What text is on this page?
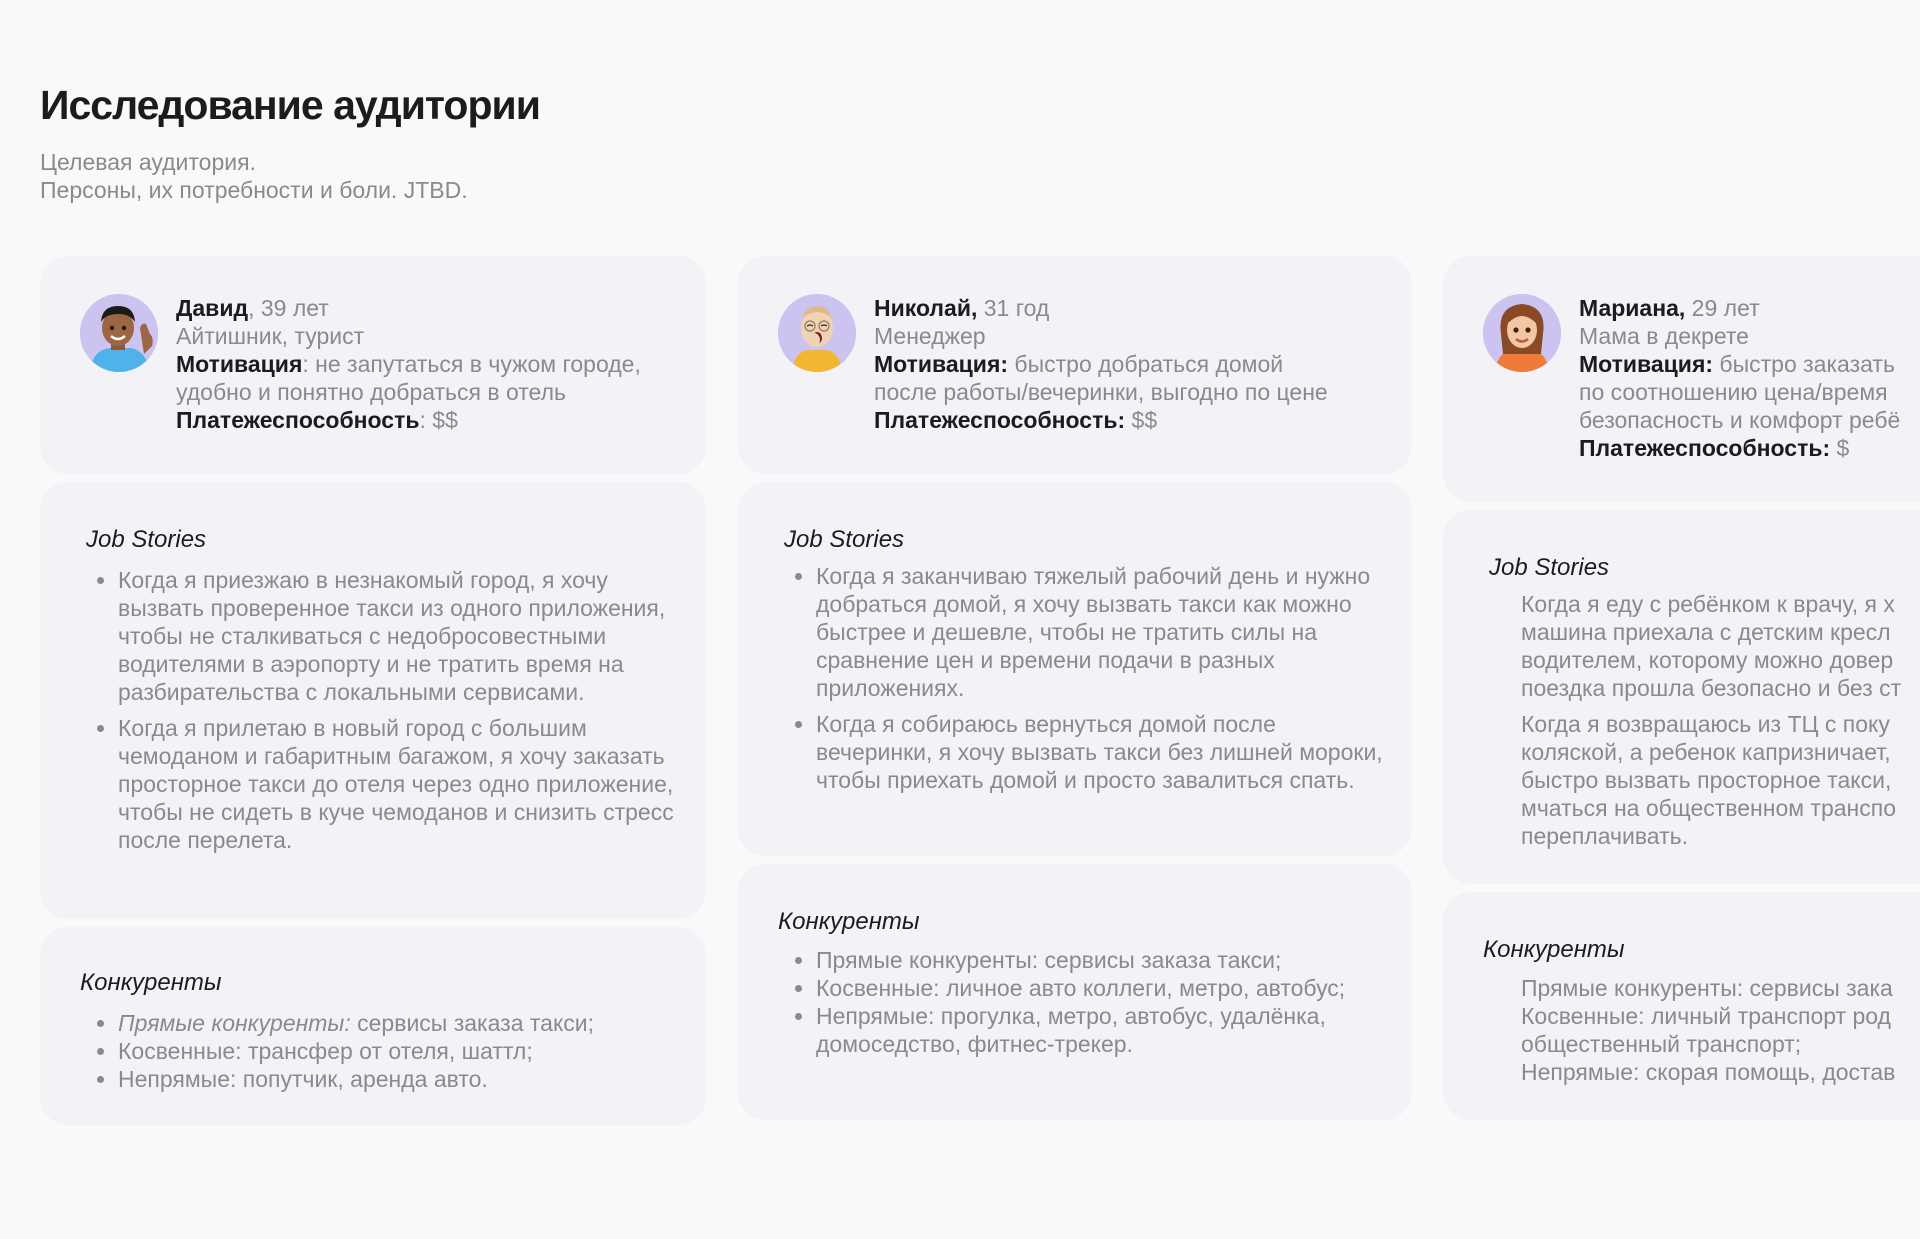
Исследование аудитории
Целевая аудитория.
Персоны, их потребности и боли. JTBD.
Давид, 39 лет
Айтишник, турист
Мотивация: не запутаться в чужом городе,
удобно и понятно добраться в отель
Платежеспособность: $$
Job Stories
• Когда я приезжаю в незнакомый город, я хочу вызвать проверенное такси из одного приложения, чтобы не сталкиваться с недобросовестными водителями в аэропорту и не тратить время на разбирательства с локальными сервисами.
• Когда я прилетаю в новый город с большим чемоданом и габаритным багажом, я хочу заказать просторное такси до отеля через одно приложение, чтобы не сидеть в куче чемоданов и снизить стресс после перелета.
Конкуренты
• Прямые конкуренты: сервисы заказа такси;
• Косвенные: трансфер от отеля, шаттл;
• Непрямые: попутчик, аренда авто.
Николай, 31 год
Менеджер
Мотивация: быстро добраться домой
после работы/вечеринки, выгодно по цене
Платежеспособность: $$
Job Stories
• Когда я заканчиваю тяжелый рабочий день и нужно добраться домой, я хочу вызвать такси как можно быстрее и дешевле, чтобы не тратить силы на сравнение цен и времени подачи в разных приложениях.
• Когда я собираюсь вернуться домой после вечеринки, я хочу вызвать такси без лишней мороки, чтобы приехать домой и просто завалиться спать.
Конкуренты
• Прямые конкуренты: сервисы заказа такси;
• Косвенные: личное авто коллеги, метро, автобус;
• Непрямые: прогулка, метро, автобус, удалёнка, домоседство, фитнес-трекер.
Мариана, 29 лет
Мама в декрете
Мотивация: быстро заказать
по соотношению цена/время
безопасность и комфорт ребё
Платежеспособность: $
Job Stories
• Когда я еду с ребёнком к врачу, я х
машина приехала с детским кресл
водителем, которому можно довер
поездка прошла безопасно и без ст
• Когда я возвращаюсь из ТЦ с поку
коляской, а ребенок капризничает,
быстро вызвать просторное такси,
мчаться на общественном транспо
переплачивать.
Конкуренты
• Прямые конкуренты: сервисы зака
• Косвенные: личный транспорт род
общественный транспорт;
• Непрямые: скорая помощь, достав
